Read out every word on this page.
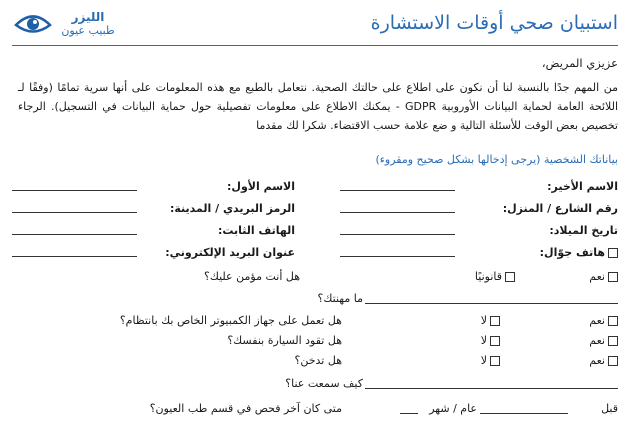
الليزر
طبيب عيون	استبيان صحي أوقات الاستشارة
عزيزي المريض،
من المهم جدًا بالنسبة لنا أن نكون على اطلاع على حالتك الصحية. نتعامل بالطبع مع هذه المعلومات على أنها سرية تمامًا (وفقًا لـ اللائحة العامة لحماية البيانات الأوروبية GDPR - يمكنك الاطلاع على معلومات تفصيلية حول حماية البيانات في التسجيل). الرجاء تخصيص بعض الوقت للأسئلة التالية و ضع علامة حسب الاقتضاء. شكرا لك مقدما
بياناتك الشخصية (يرجى إدخالها بشكل صحيح ومقروء)
الاسم الأخير:
الاسم الأول:
رقم الشارع / المنزل:
الرمز البريدي / المدينة:
تاريخ الميلاد:
الهاتف الثابت:
هاتف جوّال:
عنوان البريد الإلكتروني:
نعم
قانونيًا
هل أنت مؤمن عليك؟
ما مهنتك؟
نعم
لا
هل تعمل على جهاز الكمبيوتر الخاص بك بانتظام؟
نعم
لا
هل تقود السيارة بنفسك؟
نعم
لا
هل تدخن؟
كيف سمعت عنا؟
قبل
عام / شهر
متى كان آخر فحص في قسم طب العيون؟
